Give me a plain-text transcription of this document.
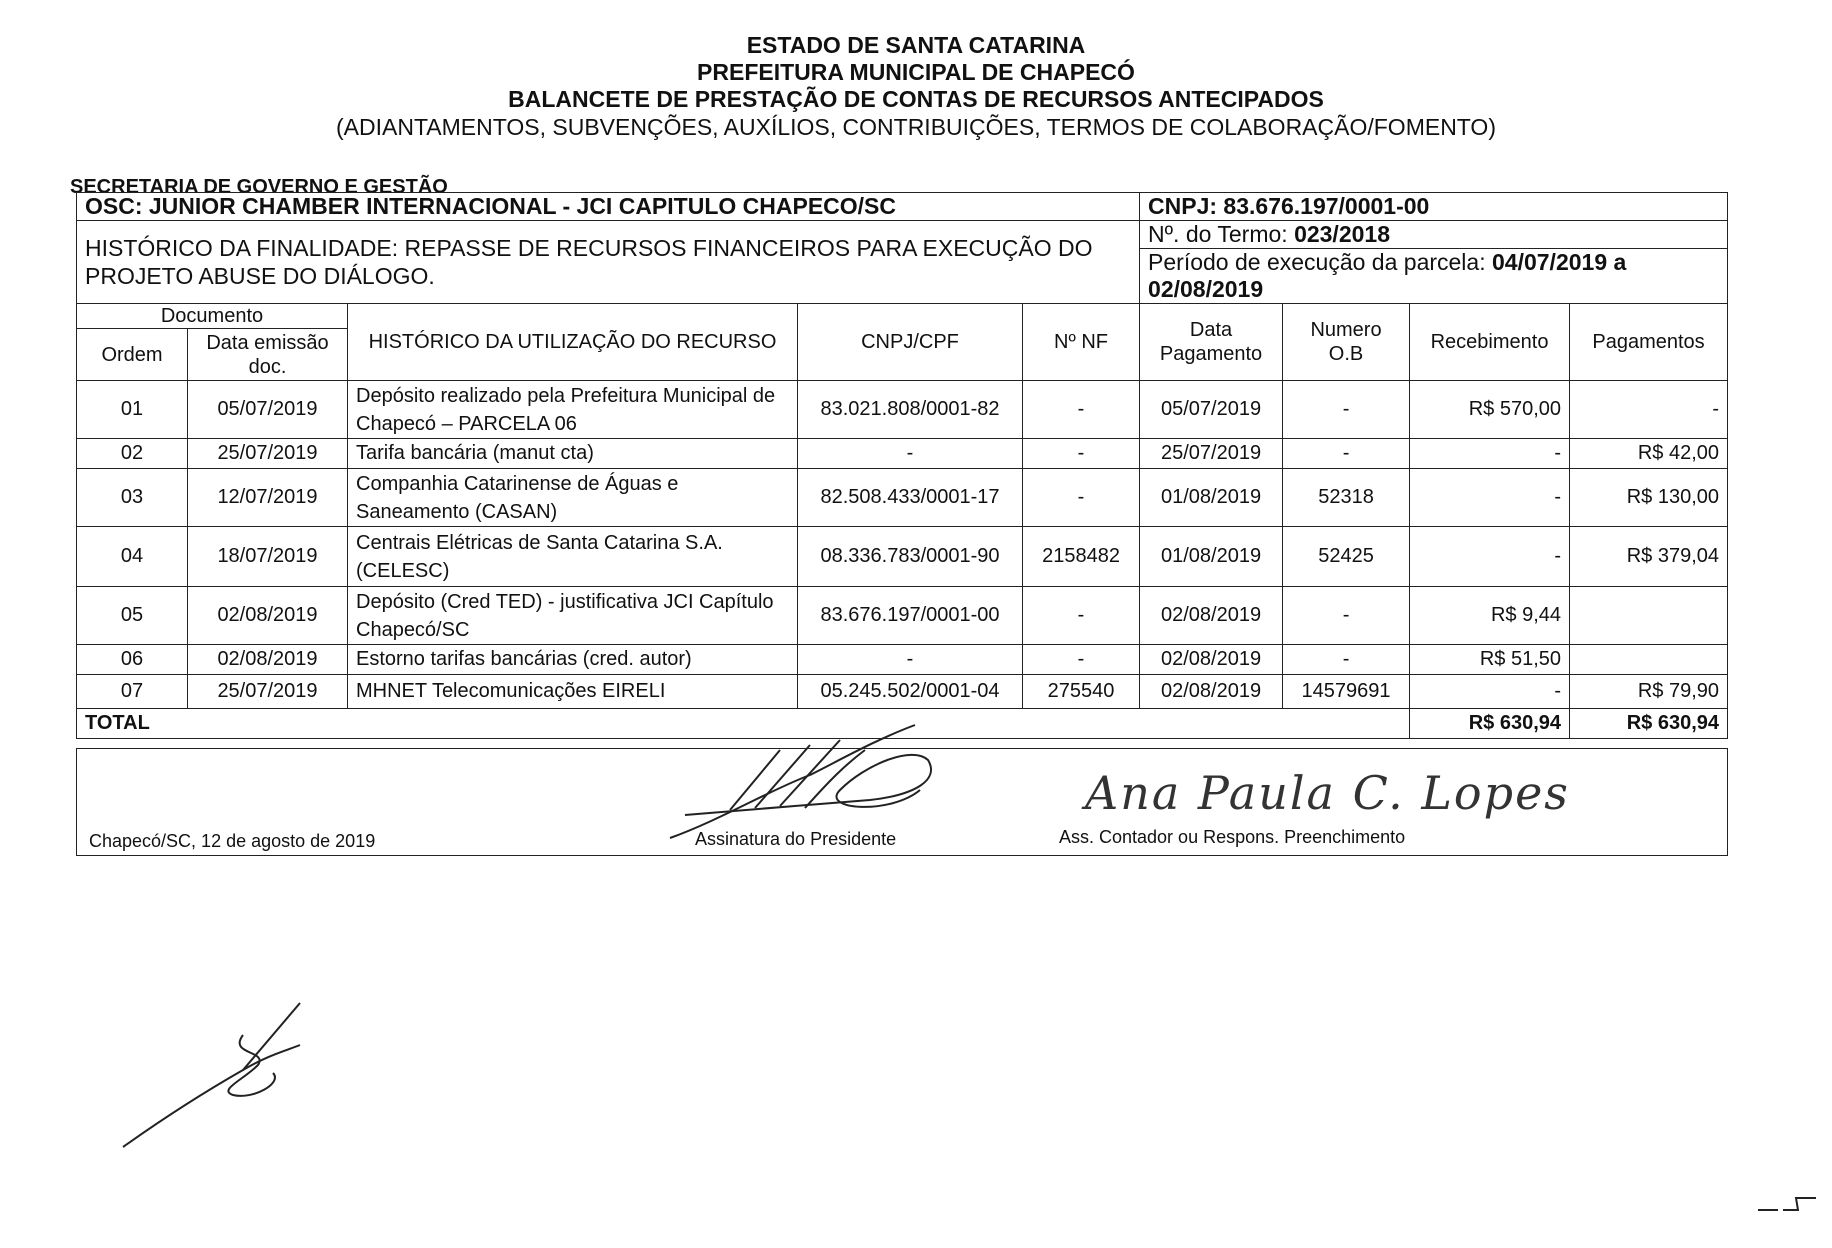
ESTADO DE SANTA CATARINA
PREFEITURA MUNICIPAL DE CHAPECÓ
BALANCETE DE PRESTAÇÃO DE CONTAS DE RECURSOS ANTECIPADOS
(ADIANTAMENTOS, SUBVENÇÕES, AUXÍLIOS, CONTRIBUIÇÕES, TERMOS DE COLABORAÇÃO/FOMENTO)
SECRETARIA DE GOVERNO E GESTÃO
OSC: JUNIOR CHAMBER INTERNACIONAL - JCI CAPITULO CHAPECO/SC					CNPJ: 83.676.197/0001-00			
HISTÓRICO DA FINALIDADE: REPASSE DE RECURSOS FINANCEIROS PARA EXECUÇÃO DO PROJETO ABUSE DO DIÁLOGO.					Nº. do Termo: 023/2018			
					Período de execução da parcela: 04/07/2019 a 02/08/2019			
Documento		HISTÓRICO DA UTILIZAÇÃO DO RECURSO	CNPJ/CPF	Nº NF	Data Pagamento	Numero O.B	Recebimento	Pagamentos
Ordem	Data emissão doc.							
01	05/07/2019	Depósito realizado pela Prefeitura Municipal de Chapecó – PARCELA 06	83.021.808/0001-82	-	05/07/2019	-	R$ 570,00	-
02	25/07/2019	Tarifa bancária (manut cta)	-	-	25/07/2019	-	-	R$ 42,00
03	12/07/2019	Companhia Catarinense de Águas e Saneamento (CASAN)	82.508.433/0001-17	-	01/08/2019	52318	-	R$ 130,00
04	18/07/2019	Centrais Elétricas de Santa Catarina S.A. (CELESC)	08.336.783/0001-90	2158482	01/08/2019	52425	-	R$ 379,04
05	02/08/2019	Depósito (Cred TED) - justificativa JCI Capítulo Chapecó/SC	83.676.197/0001-00	-	02/08/2019	-	R$ 9,44	
06	02/08/2019	Estorno tarifas bancárias (cred. autor)	-	-	02/08/2019	-	R$ 51,50	
07	25/07/2019	MHNET Telecomunicações EIRELI	05.245.502/0001-04	275540	02/08/2019	14579691	-	R$ 79,90
TOTAL							R$ 630,94	R$ 630,94
Chapecó/SC, 12 de agosto de 2019	Assinatura do Presidente	Ass. Contador ou Respons. Preenchimento
Ana Paula C. Lopes
